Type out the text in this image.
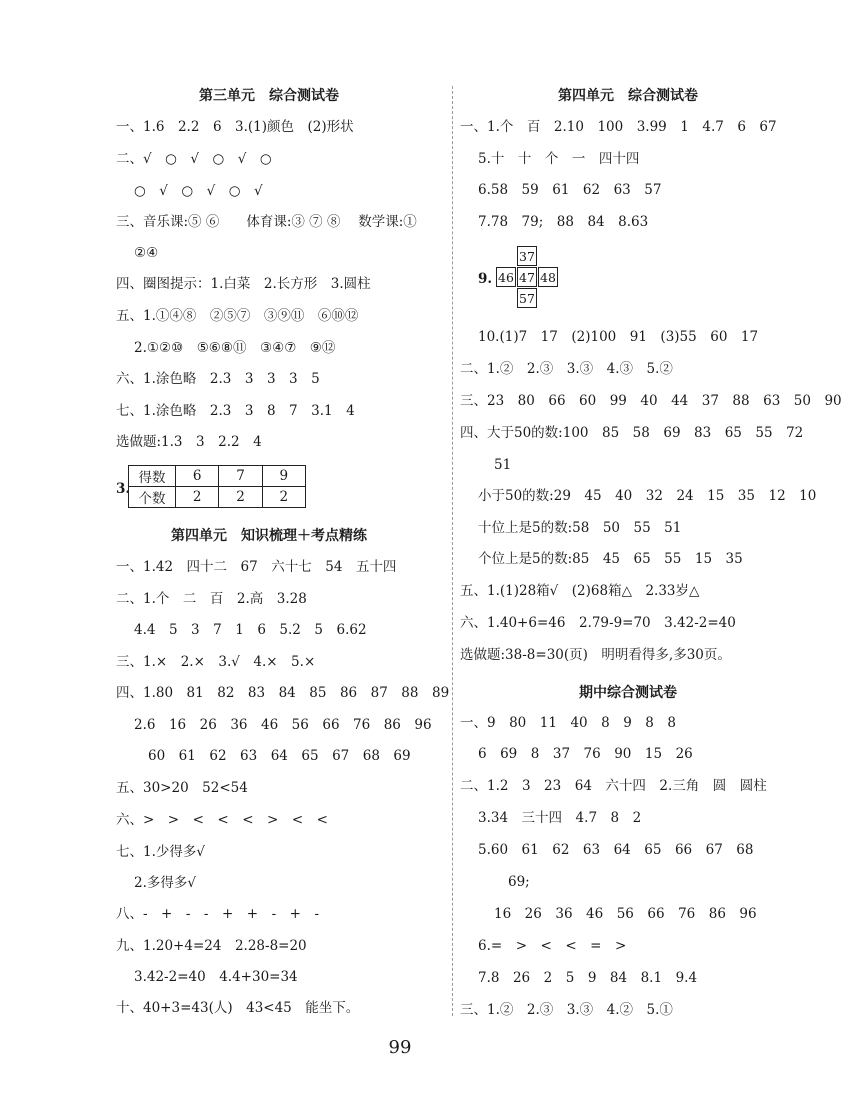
第三单元　综合测试卷
一、1.6　2.2　6　3.(1)颜色　(2)形状
二、√　○　√　○　√　○
○　√　○　√　○　√
三、音乐课:⑤ ⑥　　体育课:③ ⑦ ⑧　 数学课:①
②④
四、圈图提示：1.白菜　2.长方形　3.圆柱
五、1.①④⑧　②⑤⑦　③⑨⑪　⑥⑩⑫
2.①②⑩　⑤⑥⑧⑪　③④⑦　⑨⑫
六、1.涂色略　2.3　3　3　3　5
七、1.涂色略　2.3　3　8　7　3.1　4
选做题:1.3　3　2.2　4
3.
得数	6	7	9
个数	2	2	2
第四单元　知识梳理＋考点精练
一、1.42　四十二　67　六十七　54　五十四
二、1.个　二　百　2.高　3.28
4.4　5　3　7　1　6　5.2　5　6.62
三、1.×　2.×　3.√　4.×　5.×
四、1.80　81　82　83　84　85　86　87　88　89
2.6　16　26　36　46　56　66　76　86　96
60　61　62　63　64　65　67　68　69
五、30>20　52<54
六、>　>　<　<　<　>　<　<
七、1.少得多√
2.多得多√
八、-　+　-　-　+　+　-　+　-
九、1.20+4=24　2.28-8=20
3.42-2=40　4.4+30=34
十、40+3=43(人)　43<45　能坐下。
第四单元　综合测试卷
一、1.个　百　2.10　100　3.99　1　4.7　6　67
5.十　十　个　一　四十四
6.58　59　61　62　63　57
7.78　79;　88　84　8.63
9.
37
46 47 48
57
10.(1)7　17　(2)100　91　(3)55　60　17
二、1.②　2.③　3.③　4.③　5.②
三、23　80　66　60　99　40　44　37　88　63　50　90
四、大于50的数:100　85　58　69　83　65　55　72
51
小于50的数:29　45　40　32　24　15　35　12　10
十位上是5的数:58　50　55　51
个位上是5的数:85　45　65　55　15　35
五、1.(1)28箱√　(2)68箱△　2.33岁△
六、1.40+6=46　2.79-9=70　3.42-2=40
选做题:38-8=30(页)　明明看得多,多30页。
期中综合测试卷
一、9　80　11　40　8　9　8　8
6　69　8　37　76　90　15　26
二、1.2　3　23　64　六十四　2.三角　圆　圆柱
3.34　三十四　4.7　8　2
5.60　61　62　63　64　65　66　67　68
69;
16　26　36　46　56　66　76　86　96
6.=　>　<　<　=　>
7.8　26　2　5　9　84　8.1　9.4
三、1.②　2.③　3.③　4.②　5.①
99
